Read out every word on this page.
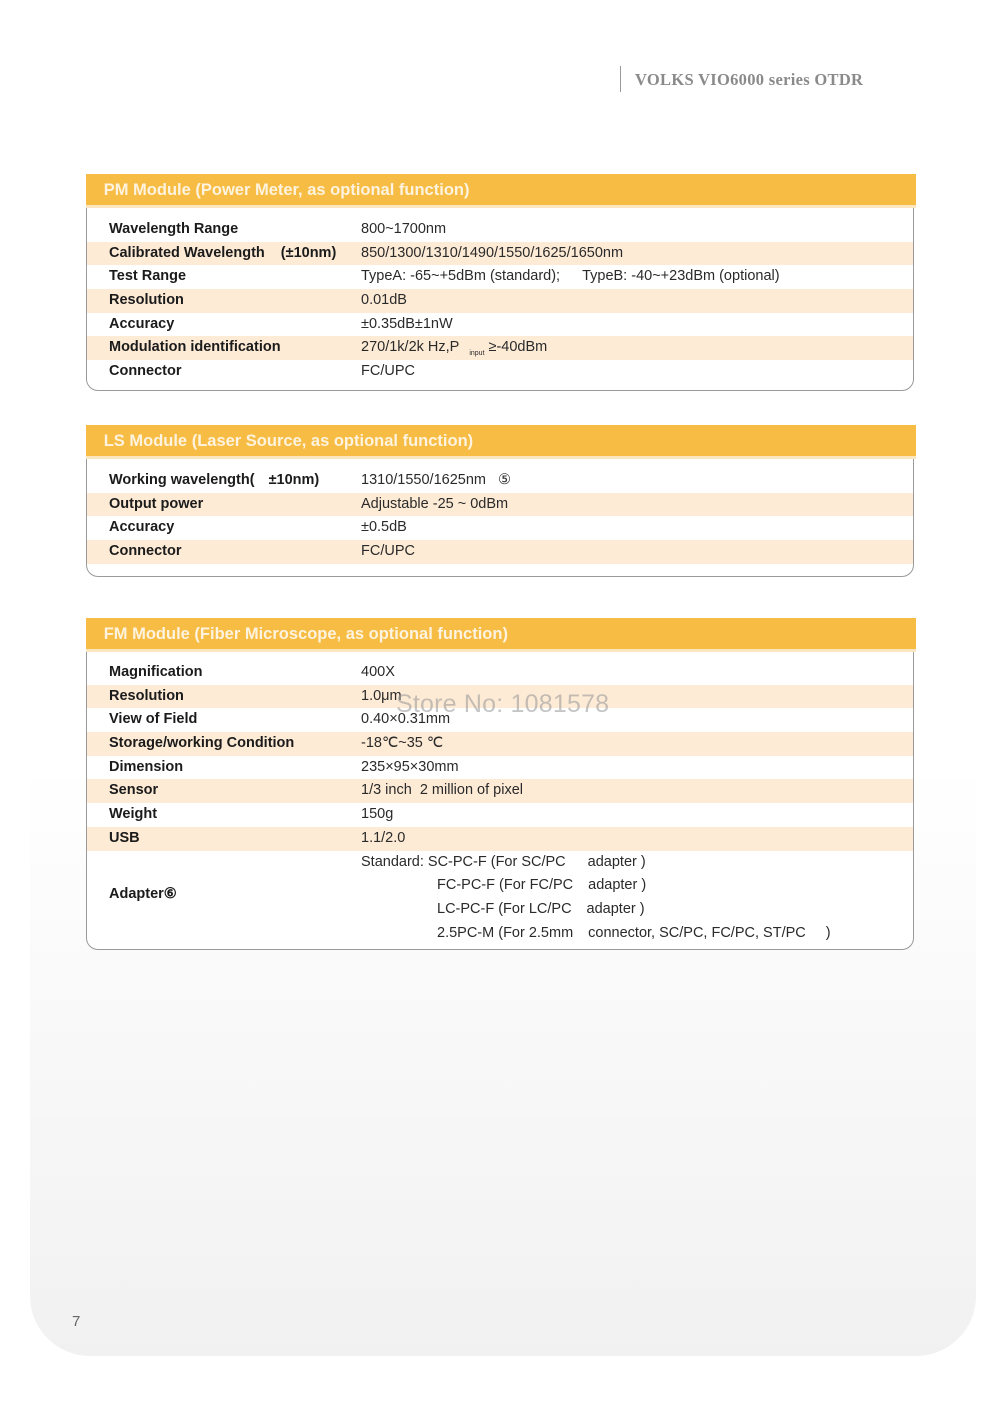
VOLKS VIO6000 series OTDR
PM Module (Power Meter, as optional function)
Wavelength Range	800~1700nm
Calibrated Wavelength (±10nm) 850/1300/1310/1490/1550/1625/1650nm
Test Range	TypeA: -65~+5dBm (standard); TypeB: -40~+23dBm (optional)
Resolution	0.01dB
Accuracy	±0.35dB±1nW
Modulation identification	270/1k/2k Hz,P $_{input}$ ≥-40dBm
Connector	FC/UPC
LS Module (Laser Source, as optional function)
Working wavelength( ±10nm)	1310/1550/1625nm ⑤
Output power	Adjustable -25 ~ 0dBm
Accuracy	±0.5dB
Connector	FC/UPC
FM Module (Fiber Microscope, as optional function)
Magnification	400X
Resolution	1.0μm
View of Field	0.40×0.31mm
Storage/working Condition	-18℃~35 ℃
Dimension	235×95×30mm
Sensor	1/3 inch  2 million of pixel
Weight	150g
USB	1.1/2.0
Adapter⑥
Standard: SC-PC-F (For SC/PC adapter )
FC-PC-F (For FC/PC adapter )
LC-PC-F (For LC/PC adapter )
2.5PC-M (For 2.5mm connector, SC/PC, FC/PC, ST/PC )
Store No: 1081578
7
